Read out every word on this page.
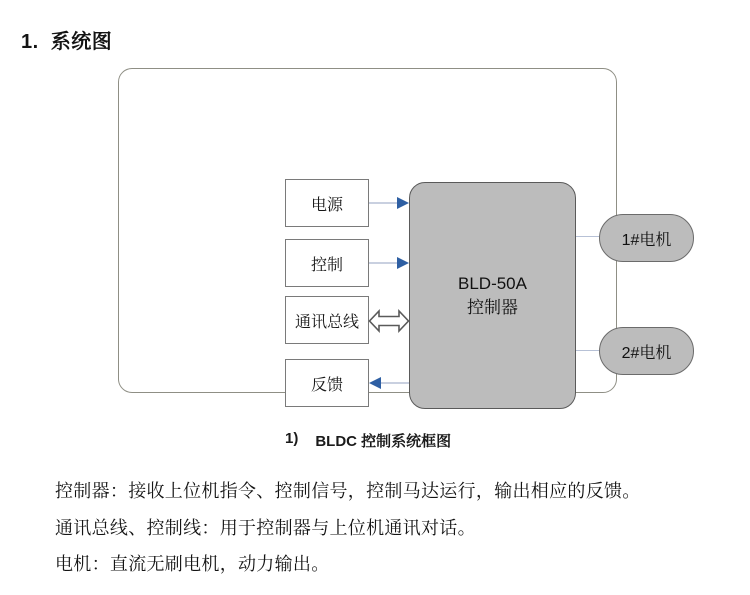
1.  系统图
电源
控制
通讯总线
反馈
BLD-50A
控制器
1#电机
2#电机
1) BLDC 控制系统框图
控制器：接收上位机指令、控制信号，控制马达运行，输出相应的反馈。
通讯总线、控制线：用于控制器与上位机通讯对话。
电机：直流无刷电机，动力输出。
